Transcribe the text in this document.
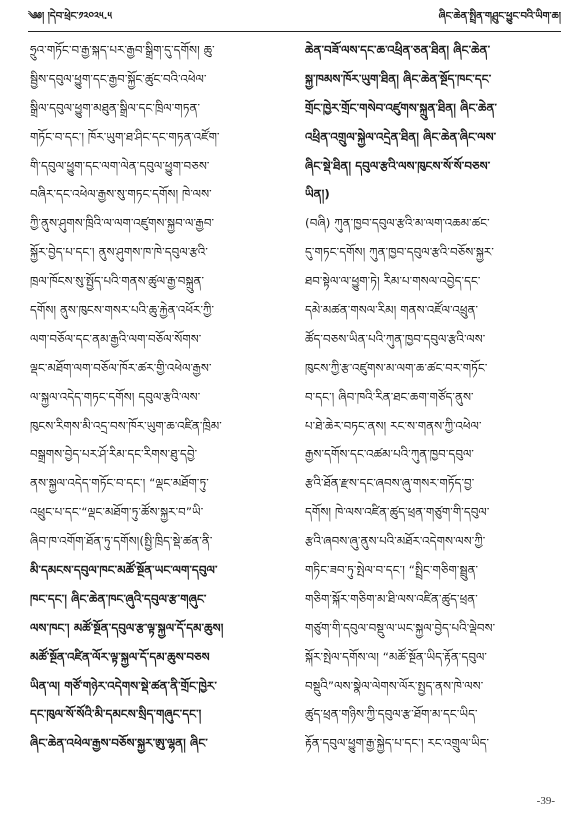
༄༅། །དེབ་ཕྲེང་༡༢༠༢༥.༥	ཞིང་ཆེན་སྤྲིན་གཤྲུང་ཕྱུང་བའི་ཡིག་ཆ།
ཧྲུའ་གཏོང་བ་རྒྱ་སྐད་པར་རྒྱབ་སྒྲིག་དུ་དགོས། ཆུ་
སྦྱིས་དབུལ་ཕྱུག་དང་རྒྱབ་སྐྱོང་ཚུང་བའི་འཕེལ་
སྒྲིལ་དབུལ་ཕྱུག་མཐུན་སྒྲིལ་དང་ཁྲིལ་གཏན་
གཏོང་བ་དང་། ཁོར་ཡུག་ཐ་ཤིང་དང་གཏན་འཛོག་
གི་དབུལ་ཕྱུག་དང་ལག་ལེན་དབུལ་ཕྱུག་བཅས་
བཞིར་དང་འཕེལ་རྒྱས་སུ་གཏང་དགོས། ཁེ་ལས་
ཀྱི་ནུས་ཤུགས་ཁྲིའི་ལ་ལག་འཛུགས་སྐྱབ་ལ་རྒྱབ་
སྐྱོར་བྱེད་པ་དང་། ནུས་ཤུགས་ཁ་ཁེ་དབུལ་རྩའི་
ཁྲལ་ཁོངས་སུ་སྤྱོད་པའི་གནས་ཚུལ་རྒྱ་བསྐྲུན་
དགོས། ནུས་ཁུངས་གསར་པའི་ཆུ་རྐྱེན་འཕོར་ཀྱི་
ལག་བཅོལ་དང་ནམ་རྒྱའི་ལག་བཅོལ་སོགས་
ལྡང་མཐོག་ལག་བཅོལ་ཁོར་ཚར་གྱི་འཕེལ་རྒྱས་
ལ་སྐྱལ་འདེད་གཏང་དགོས། དབུལ་རྩའི་ལས་
ཁུངས་རིགས་མི་འདྲ་བས་ཁོར་ཡུག་ཆ་འཛིན་ཁྲིམ་
བསྒྲགས་བྱེད་པར་ཤོ་རིམ་དང་རིགས་ཐུ་དབྱེ་
ནས་སྐྱལ་འདེད་གཏོང་བ་དང་། “ལྡང་མཐོག་ཏུ་
འཕྲུང་པ་དང་“ལྡང་མཐོག་ཏུ་ཚོས་སྐྱར་བ”ཡི་
ཞིབ་ཁ་འགོག་ཐོན་ཏུ་དགོས།(སྤྱི་ཁྲིད་སྡེ་ཚན་ནི་
མི་དམངས་དབུལ་ཁང་མཚོ་སྔོན་ཡང་ལག་དབུལ་
ཁང་དང་། ཞིང་ཆེན་ཁང་ཞུའི་དབུལ་རྩ་གཞུང་
ལས་ཁང་། མཚོ་སྔོན་དབུལ་རྩ་ལྟ་སྐྱལ་དོ་དམ་ཆུས།
མཚོ་སྔོན་འཛིན་ལོར་ལྟ་སྐྱལ་དོ་དམ་ཆུས་བཅས
ཡིན་ལ། གཙོ་གཉེར་འདེགས་སྡེ་ཚན་ནི་གྲོང་ཁྱེར་
དང་ཁུལ་སོ་སོའི་མི་དམངས་སྲིད་གཞུང་དང་།
ཞིང་ཆེན་འཕེལ་རྒྱས་བཅོས་སྐྱར་ཨུ་ལྷན། ཞིང་
ཆེན་བཟོ་ལས་དང་ཆ་འཕྲིན་ཅན་ཐིན། ཞིང་ཆེན་
སྐྱ་ཁམས་ཁོར་ཡུག་ཐིན། ཞིང་ཆེན་སྔོད་ཁང་དང་
གྲོང་ཁྱེར་གྲོང་གསེབ་འཛུགས་སྐྲུན་ཐིན། ཞིང་ཆེན་
འཕྲིན་འགྲུལ་སྐྱེལ་འདྲེན་ཐིན། ཞིང་ཆེན་ཞིང་ལས་
ཞིང་སྡེ་ཐིན། དབུལ་རྩའི་ལས་ཁུངས་སོ་སོ་བཅས་
ཡིན།)
(བཞི) ཀུན་ཁྱབ་དབུལ་རྩའི་མ་ལག་འཆམ་ཚང་
དུ་གཏང་དགོས། ཀུན་ཁྱབ་དབུལ་རྩའི་བཅོས་སྐྱར་
ཐབ་སྟེལ་ལ་ཕྱུག་ཏེ། རིམ་པ་གསལ་འབྱེད་དང་
དམེ་མཚན་གསལ་རིམ། གནས་འཛོལ་འཕྲུན་
ཚོད་བཅས་ཡིན་པའི་ཀུན་ཁྱབ་དབུལ་རྩའི་ལས་
ཁུངས་ཀྱི་རྩ་འཛུགས་མ་ལག་ཆ་ཚང་བར་གཏོང་
བ་དང་། ཞིབ་ཁའི་རིན་ཐང་ཆག་གཙོད་ནུས་
པ་ཐེ་ཆེར་བཏང་ནས། རང་ས་གནས་ཀྱི་འཕེལ་
རྒྱས་དགོས་དང་འཚམ་པའི་ཀུན་ཁྱབ་དབུལ་
རྩའི་ཐོན་རྫས་དང་ཞབས་ཞུ་གསར་གཏོད་བྱ་
དགོས། ཁེ་ལས་འཛིན་ཚུད་ཕྲན་གཙུག་གི་དབུལ་
རྩའི་ཞབས་ཞུ་ནུས་པའི་མཐོར་འདེགས་ལས་ཀྱི་
གཏིང་ཟབ་ཏུ་སྤེལ་བ་དང་། “སྤྲིང་གཅིག་སྦྲུན་
གཅིག་སྐོར་གཅིག་མ་ཐི་ལས་འཛིན་ཚུད་ཕྲན་
གཙུག་གི་དབུལ་བསྡུ་ལ་ཡང་སྐྱལ་བྱེད་པའི་ལྡེབས་
སྐོར་སྤེལ་དགོས་ལ། “མཚོ་སྔོན་ཡིད་རྟོན་དབུལ་
བསྡུའི”ལས་སྣེལ་ལེགས་ལོར་སྤྱད་ནས་ཁེ་ལས་
ཚུད་ཕྲན་གཉིས་ཀྱི་དབུལ་རྩ་ཐོག་མ་དང་ཡིད་
རྟོན་དབུལ་ཕྱུག་རྒྱ་སྐྱེད་པ་དང་། རང་འགྲུལ་ཡིད་
-39-
